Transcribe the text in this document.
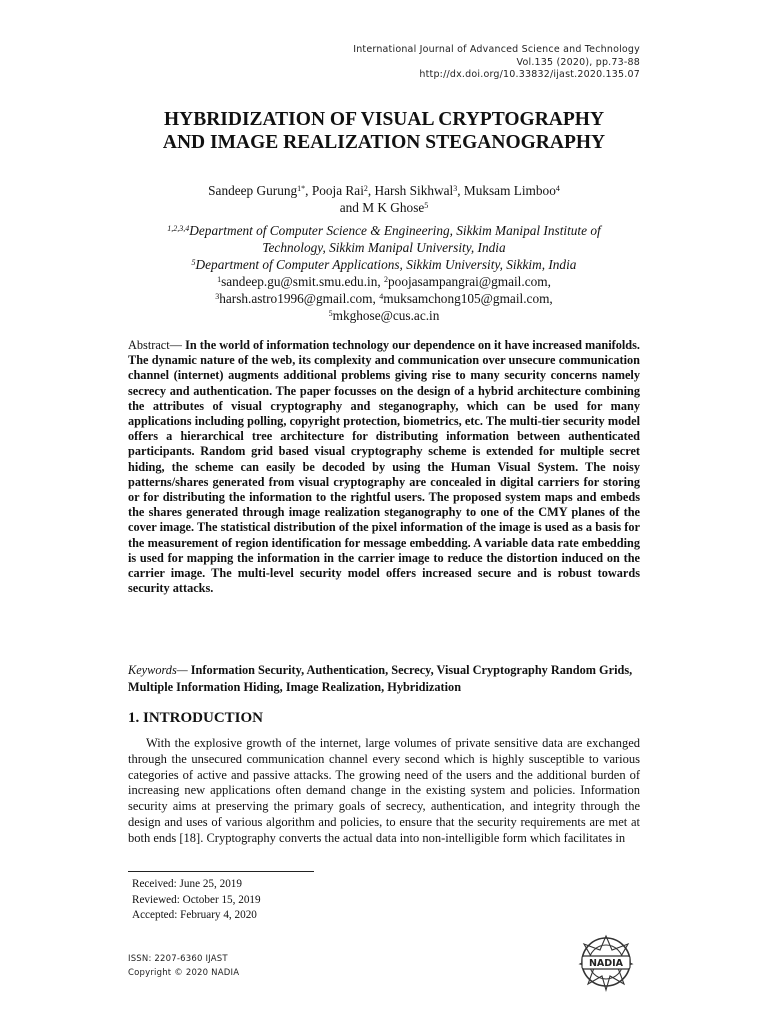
International Journal of Advanced Science and Technology
Vol.135 (2020), pp.73-88
http://dx.doi.org/10.33832/ijast.2020.135.07
HYBRIDIZATION OF VISUAL CRYPTOGRAPHY
AND IMAGE REALIZATION STEGANOGRAPHY
Sandeep Gurung$^{1*}$, Pooja Rai$^2$, Harsh Sikhwal$^3$, Muksam Limboo$^4$
and M K Ghose$^5$
$^{1,2,3,4}$Department of Computer Science & Engineering, Sikkim Manipal Institute of
Technology, Sikkim Manipal University, India
$^5$Department of Computer Applications, Sikkim University, Sikkim, India
$^1$sandeep.gu@smit.smu.edu.in, $^2$poojasampangrai@gmail.com,
$^3$harsh.astro1996@gmail.com, $^4$muksamchong105@gmail.com,
$^5$mkghose@cus.ac.in
Abstract— In the world of information technology our dependence on it have increased manifolds. The dynamic nature of the web, its complexity and communication over unsecure communication channel (internet) augments additional problems giving rise to many security concerns namely secrecy and authentication. The paper focusses on the design of a hybrid architecture combining the attributes of visual cryptography and steganography, which can be used for many applications including polling, copyright protection, biometrics, etc. The multi-tier security model offers a hierarchical tree architecture for distributing information between authenticated participants. Random grid based visual cryptography scheme is extended for multiple secret hiding, the scheme can easily be decoded by using the Human Visual System. The noisy patterns/shares generated from visual cryptography are concealed in digital carriers for storing or for distributing the information to the rightful users. The proposed system maps and embeds the shares generated through image realization steganography to one of the CMY planes of the cover image. The statistical distribution of the pixel information of the image is used as a basis for the measurement of region identification for message embedding. A variable data rate embedding is used for mapping the information in the carrier image to reduce the distortion induced on the carrier image. The multi-level security model offers increased secure and is robust towards security attacks.
Keywords— Information Security, Authentication, Secrecy, Visual Cryptography Random Grids, Multiple Information Hiding, Image Realization, Hybridization
1. INTRODUCTION
With the explosive growth of the internet, large volumes of private sensitive data are exchanged through the unsecured communication channel every second which is highly susceptible to various categories of active and passive attacks. The growing need of the users and the additional burden of increasing new applications often demand change in the existing system and policies. Information security aims at preserving the primary goals of secrecy, authentication, and integrity through the design and uses of various algorithm and policies, to ensure that the security requirements are met at both ends [18]. Cryptography converts the actual data into non-intelligible form which facilitates in
Received: June 25, 2019
Reviewed: October 15, 2019
Accepted: February 4, 2020
ISSN: 2207-6360 IJAST
Copyright © 2020 NADIA
NADIA
